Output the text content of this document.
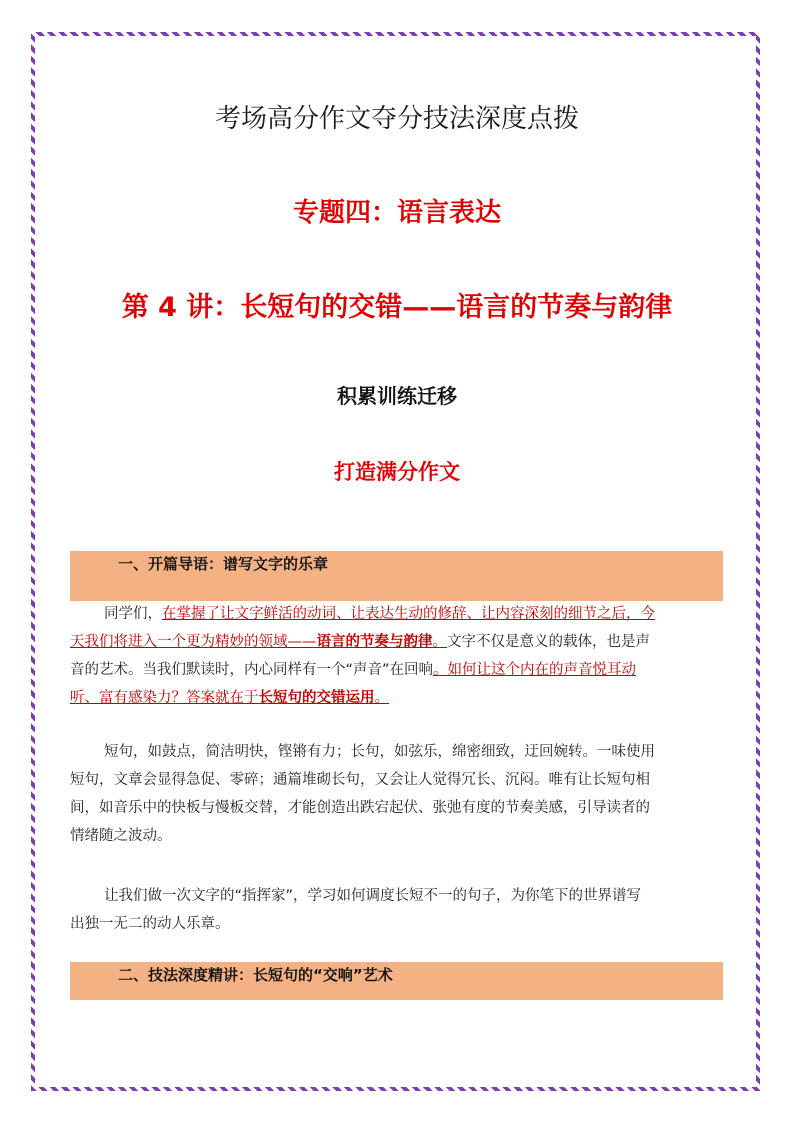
考场高分作文夺分技法深度点拨
专题四：语言表达
第 4 讲：长短句的交错——语言的节奏与韵律
积累训练迁移
打造满分作文
一、开篇导语：谱写文字的乐章
同学们，在掌握了让文字鲜活的动词、让表达生动的修辞、让内容深刻的细节之后，今
天我们将进入一个更为精妙的领域——语言的节奏与韵律。文字不仅是意义的载体，也是声
音的艺术。当我们默读时，内心同样有一个“声音”在回响。如何让这个内在的声音悦耳动
听、富有感染力？答案就在于长短句的交错运用。
短句，如鼓点，简洁明快，铿锵有力；长句，如弦乐，绵密细致，迂回婉转。一味使用
短句，文章会显得急促、零碎；通篇堆砌长句，又会让人觉得冗长、沉闷。唯有让长短句相
间，如音乐中的快板与慢板交替，才能创造出跌宕起伏、张弛有度的节奏美感，引导读者的
情绪随之波动。
让我们做一次文字的“指挥家”，学习如何调度长短不一的句子，为你笔下的世界谱写
出独一无二的动人乐章。
二、技法深度精讲：长短句的“交响”艺术
